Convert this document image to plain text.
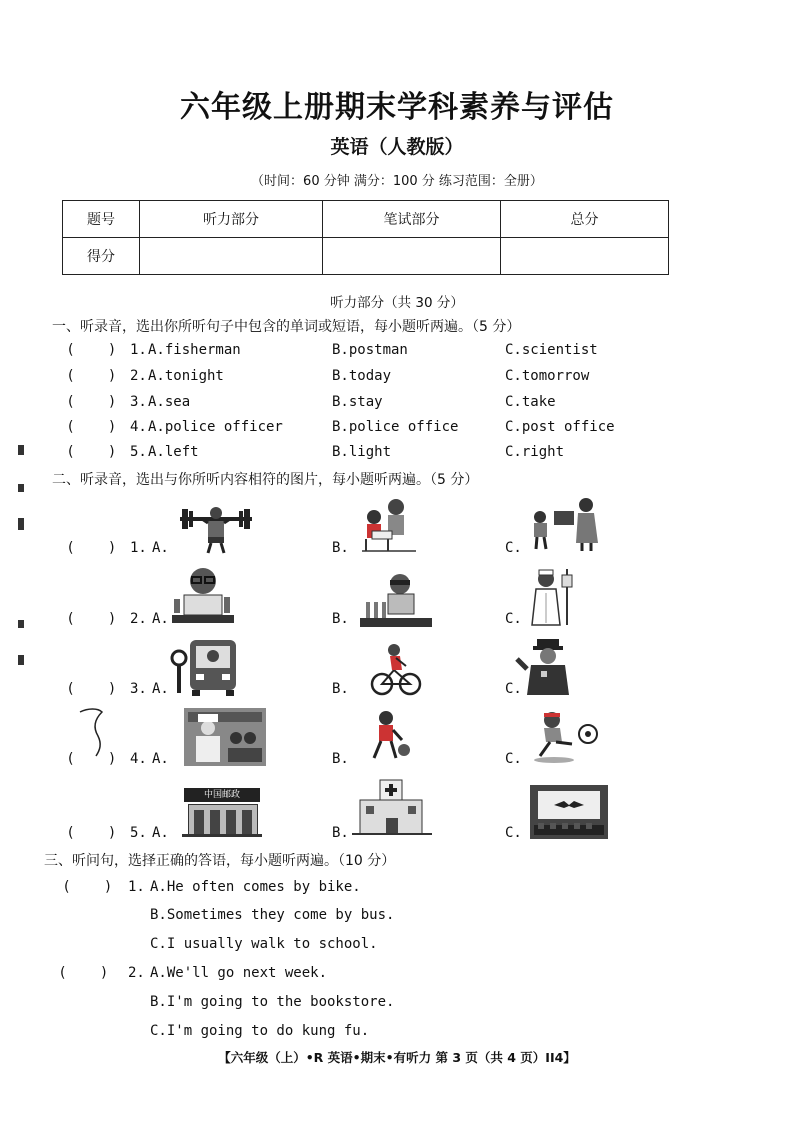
六年级上册期末学科素养与评估
英语（人教版）
（时间：60 分钟 满分：100 分 练习范围：全册）
题号	听力部分	笔试部分	总分
得分			
听力部分（共 30 分）
一、听录音，选出你所听句子中包含的单词或短语，每小题听两遍。（5 分）
(        ) 1. A.fisherman	B.postman	C.scientist
(        ) 2. A.tonight	B.today	C.tomorrow
(        ) 3. A.sea	B.stay	C.take
(        ) 4. A.police officer	B.police office	C.post office
(        ) 5. A.left	B.light	C.right
二、听录音，选出与你所听内容相符的图片，每小题听两遍。（5 分）
(        ) 1. A.	B.	C.
(        ) 2. A.	B.	C.
(        ) 3. A.	B.	C.
(        ) 4. A.	B.	C.
(        ) 5. A.	B.	C.
中国邮政
三、听问句，选择正确的答语，每小题听两遍。（10 分）
(        ) 1. A.He often comes by bike.
B.Sometimes they come by bus.
C.I usually walk to school.
(        ) 2. A.We'll go next week.
B.I'm going to the bookstore.
C.I'm going to do kung fu.
【六年级（上）•R 英语•期末•有听力 第 3 页（共 4 页）II4】
